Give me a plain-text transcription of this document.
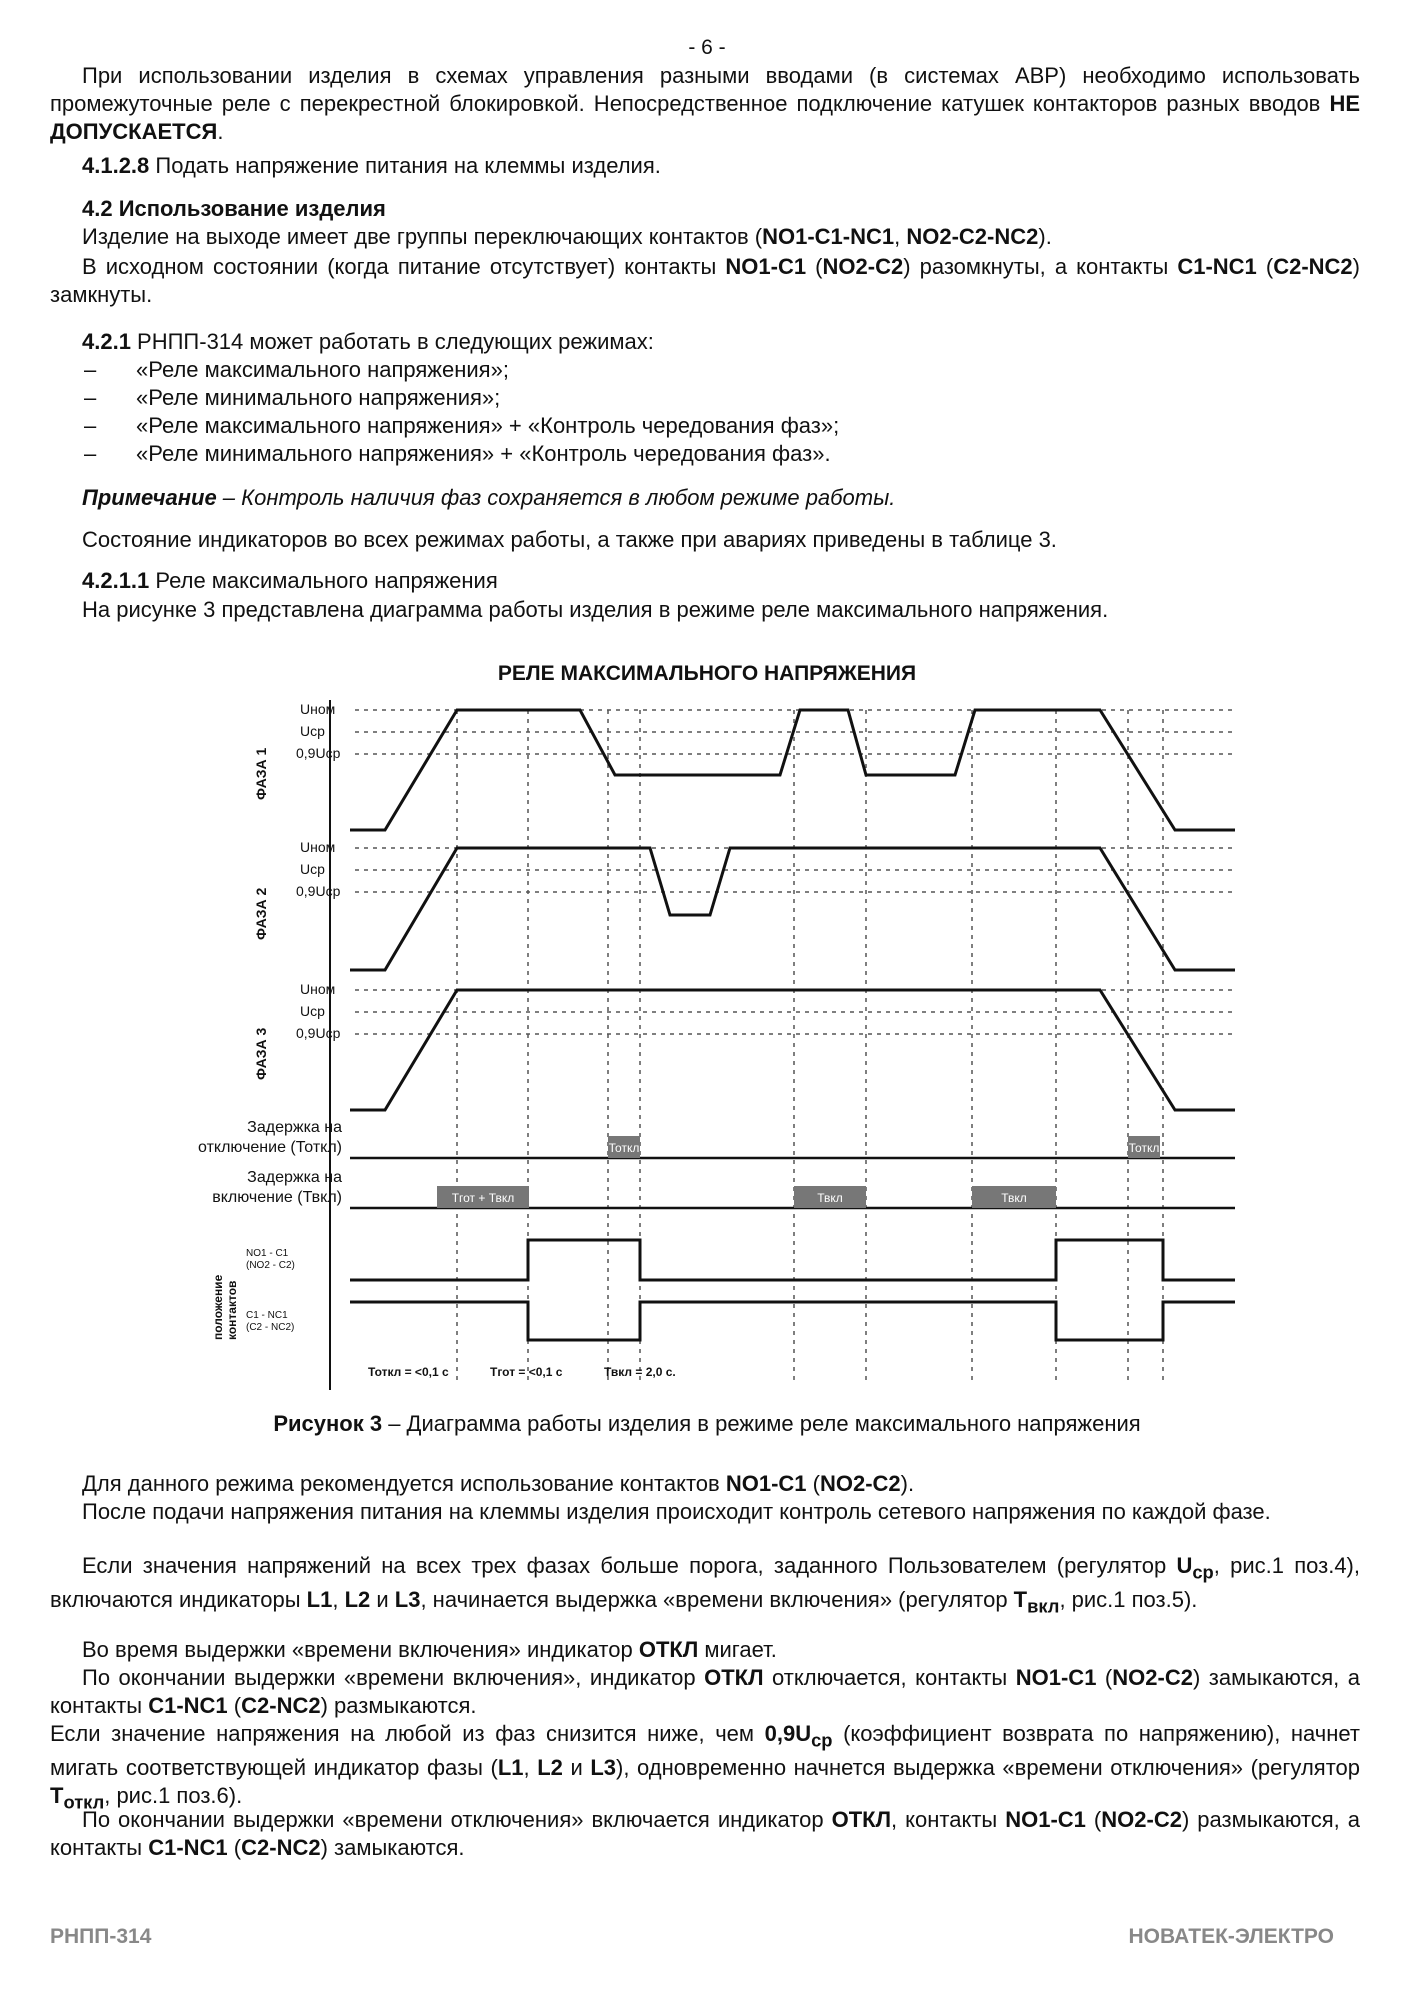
- 6 -
При использовании изделия в схемах управления разными вводами (в системах АВР) необходимо использовать промежуточные реле с перекрестной блокировкой. Непосредственное подключение катушек контакторов разных вводов НЕ ДОПУСКАЕТСЯ.
4.1.2.8 Подать напряжение питания на клеммы изделия.
4.2 Использование изделия
Изделие на выходе имеет две группы переключающих контактов (NO1-C1-NC1, NO2-C2-NC2).
В исходном состоянии (когда питание отсутствует) контакты NO1-C1 (NO2-C2) разомкнуты, а контакты C1-NC1 (C2-NC2) замкнуты.
4.2.1 РНПП-314 может работать в следующих режимах:
– «Реле максимального напряжения»;
– «Реле минимального напряжения»;
– «Реле максимального напряжения» + «Контроль чередования фаз»;
– «Реле минимального напряжения» + «Контроль чередования фаз».
Примечание – Контроль наличия фаз сохраняется в любом режиме работы.
Состояние индикаторов во всех режимах работы, а также при авариях приведены в таблице 3.
4.2.1.1 Реле максимального напряжения
На рисунке 3 представлена диаграмма работы изделия в режиме реле максимального напряжения.
Тоткл	Тоткл
Тгот + Твкл	Твкл	Твкл
РЕЛЕ МАКСИМАЛЬНОГО НАПРЯЖЕНИЯ
Uном
Uср
0,9Uср
Uном
Uср
0,9Uср
Uном
Uср
0,9Uср
ФАЗА 1
ФАЗА 2
ФАЗА 3
Задержка на
отключение (Тоткл)
Задержка на
включение (Твкл)
положение контактов
NO1 - C1
(NO2 - C2)
C1 - NC1
(C2 - NC2)
Тоткл = <0,1 с	Тгот = <0,1 с	Твкл = 2,0 с.
Рисунок 3 – Диаграмма работы изделия в режиме реле максимального напряжения
Для данного режима рекомендуется использование контактов NO1-C1 (NO2-C2).
После подачи напряжения питания на клеммы изделия происходит контроль сетевого напряжения по каждой фазе.
Если значения напряжений на всех трех фазах больше порога, заданного Пользователем (регулятор $U_{ср}$, рис.1 поз.4), включаются индикаторы L1, L2 и L3, начинается выдержка «времени включения» (регулятор $T_{вкл}$, рис.1 поз.5).
Во время выдержки «времени включения» индикатор ОТКЛ мигает.
По окончании выдержки «времени включения», индикатор ОТКЛ отключается, контакты NO1-C1 (NO2-C2) замыкаются, а контакты C1-NC1 (C2-NC2) размыкаются.
Если значение напряжения на любой из фаз снизится ниже, чем $0,9U_{ср}$ (коэффициент возврата по напряжению), начнет мигать соответствующей индикатор фазы (L1, L2 и L3), одновременно начнется выдержка «времени отключения» (регулятор $T_{откл}$, рис.1 поз.6).
По окончании выдержки «времени отключения» включается индикатор ОТКЛ, контакты NO1-C1 (NO2-C2) размыкаются, а контакты C1-NC1 (C2-NC2) замыкаются.
РНПП-314	НОВАТЕК-ЭЛЕКТРО
